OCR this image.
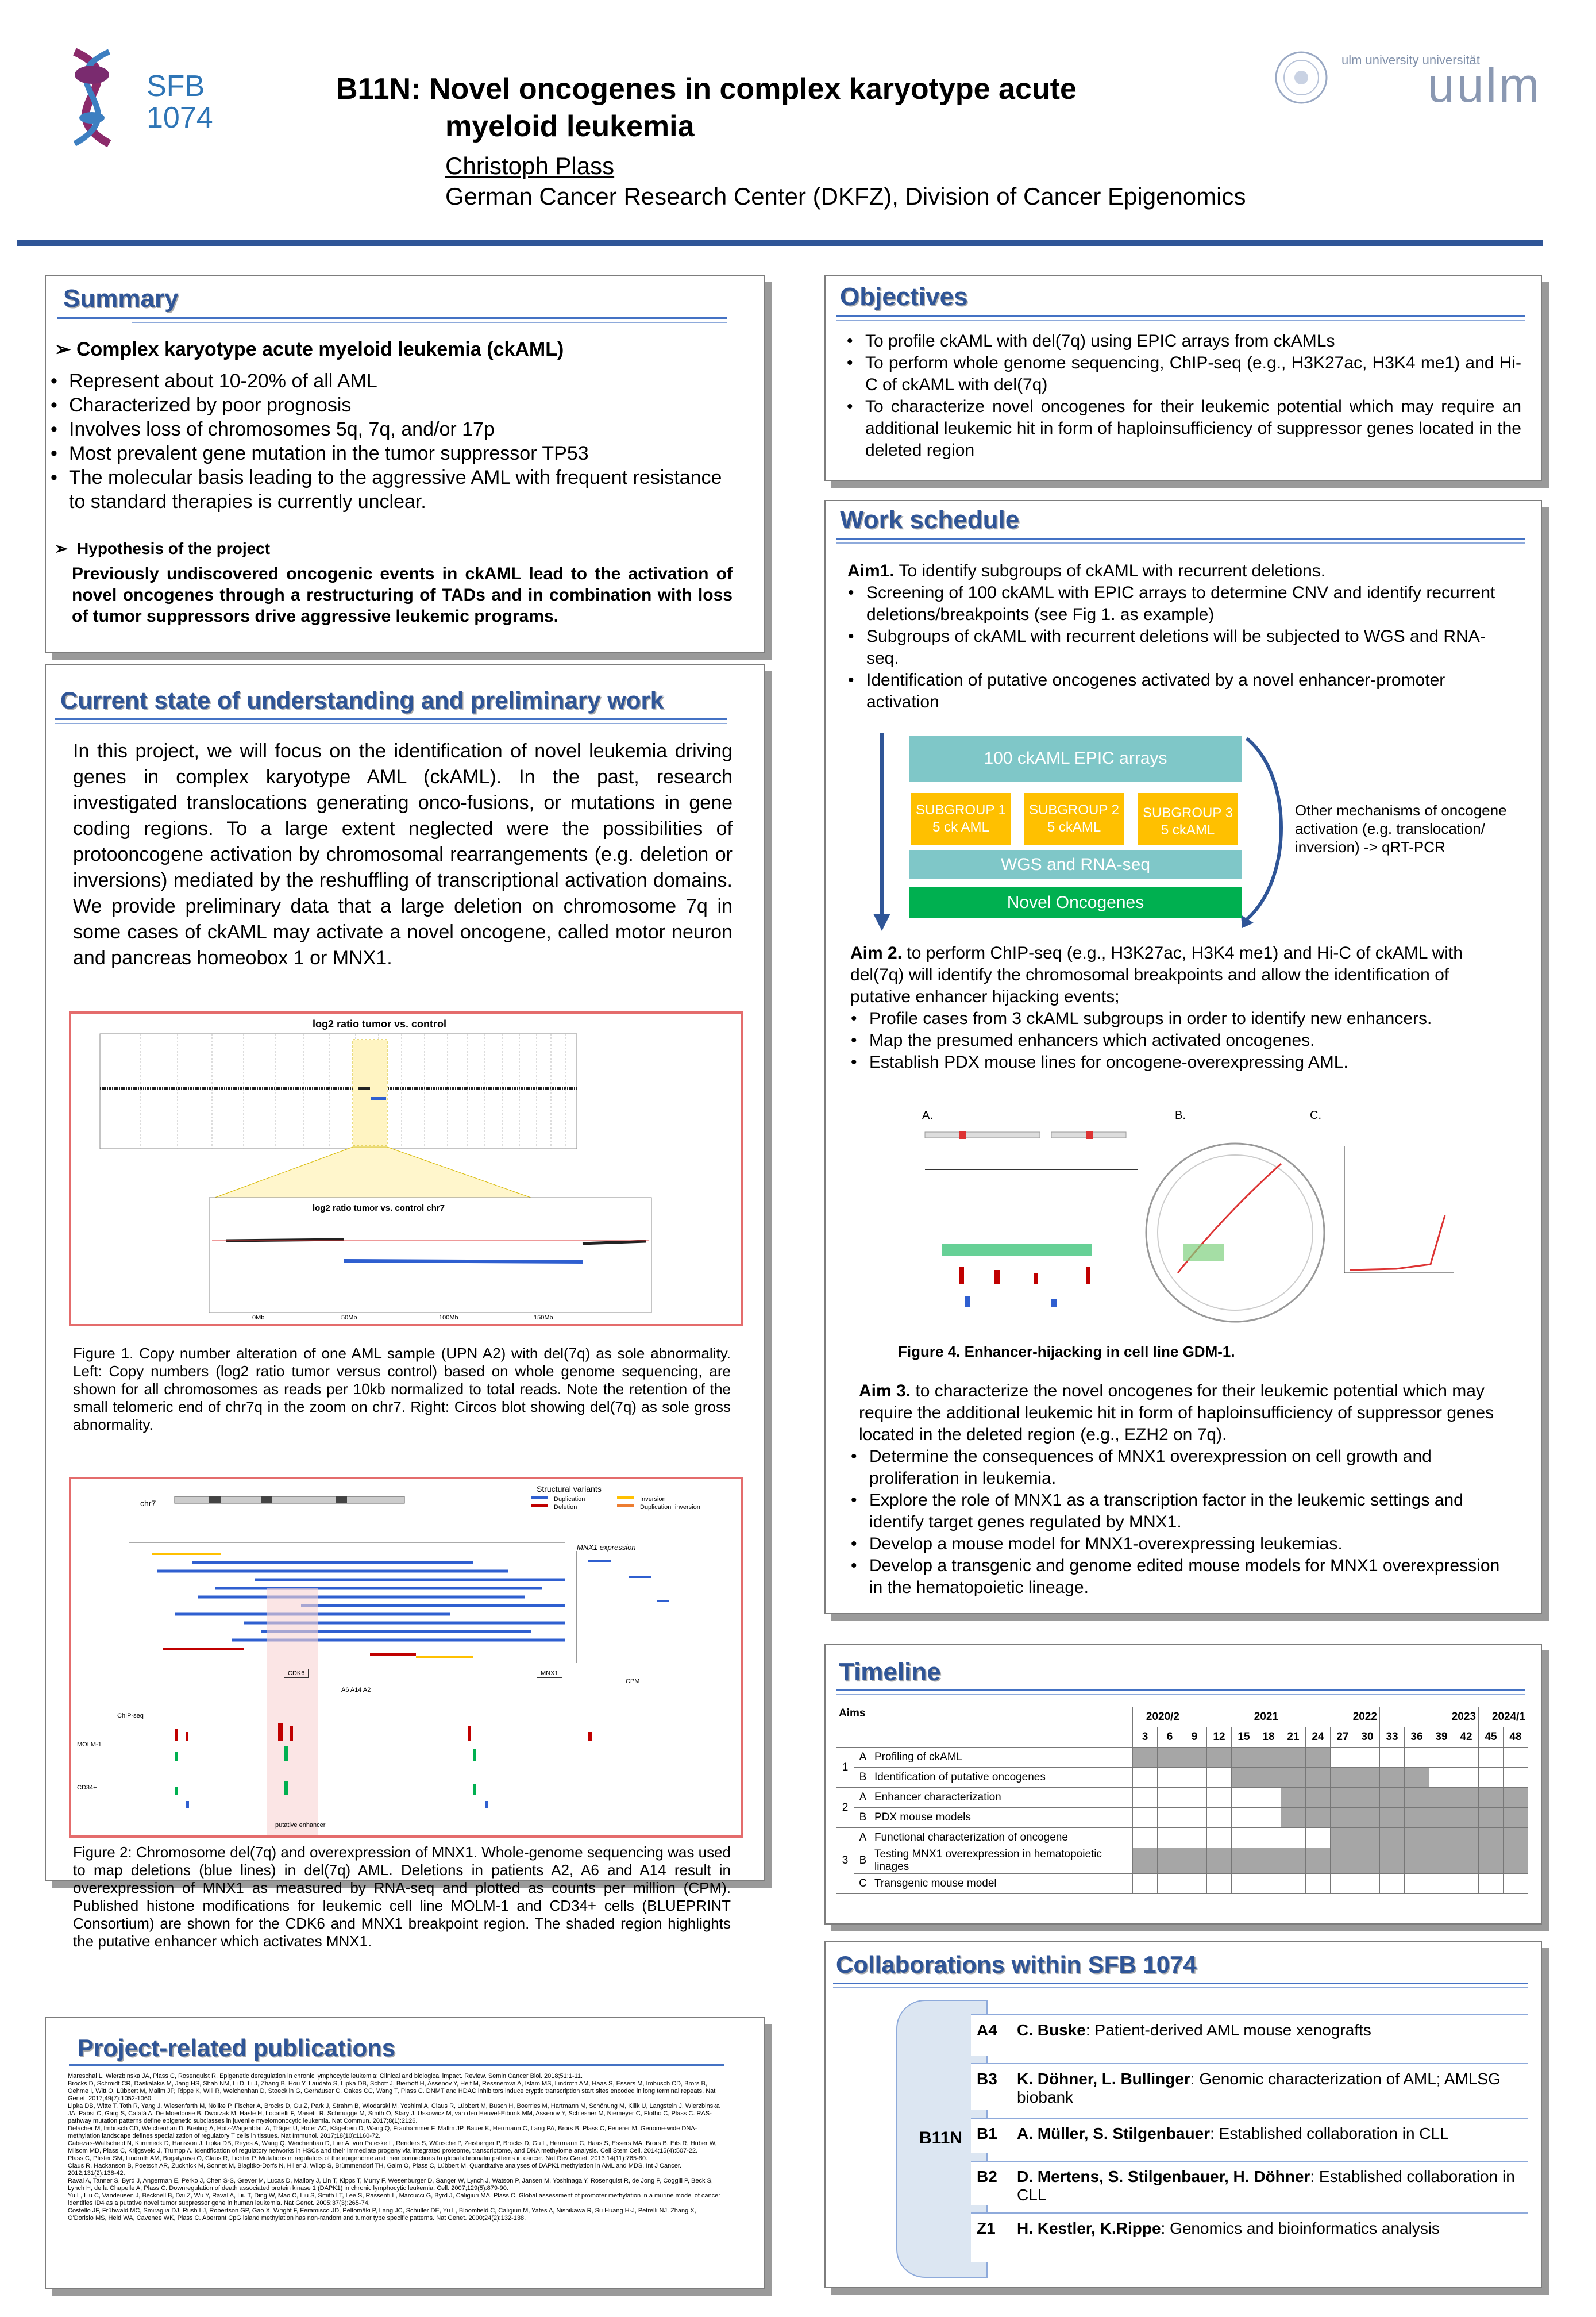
SFB
1074
B11N: Novel oncogenes in complex karyotype acute
myeloid leukemia
Christoph Plass
German Cancer Research Center (DKFZ), Division of Cancer Epigenomics
ulm university universität
uulm
Summary
➢ Complex karyotype acute myeloid leukemia (ckAML)
• Represent about 10-20% of all AML
• Characterized by poor prognosis
• Involves loss of chromosomes 5q, 7q, and/or 17p
• Most prevalent gene mutation in the tumor suppressor TP53
• The molecular basis leading to the aggressive AML with frequent resistance to standard therapies is currently unclear.
➢  Hypothesis of the project
Previously undiscovered oncogenic events in ckAML lead to the activation of novel oncogenes through a restructuring of TADs and in combination with loss of tumor suppressors drive aggressive leukemic programs.
Current state of understanding and preliminary work
In this project, we will focus on the identification of novel leukemia driving genes in complex karyotype AML (ckAML). In the past, research investigated translocations generating onco-fusions, or mutations in gene coding regions. To a large extent neglected were the possibilities of protooncogene activation by chromosomal rearrangements (e.g. deletion or inversions) mediated by the reshuffling of transcriptional activation domains. We provide preliminary data that a large deletion on chromosome 7q in some cases of ckAML may activate a novel oncogene, called motor neuron and pancreas homeobox 1 or MNX1.
log2 ratio tumor vs. control
log2 ratio tumor vs. control chr7
0Mb	50Mb	100Mb	150Mb
Figure 1. Copy number alteration of one AML sample (UPN A2) with del(7q) as sole abnormality. Left: Copy numbers (log2 ratio tumor versus control) based on whole genome sequencing, are shown for all chromosomes as reads per 10kb normalized to total reads. Note the retention of the small telomeric end of chr7q in the zoom on chr7. Right: Circos blot showing del(7q) as sole gross abnormality.
chr7
Structural variants
Duplication
Deletion
Inversion
Duplication+inversion
MNX1 expression
CPM
CDK6	MNX1
A6 A14 A2
ChIP-seq
MOLM-1
CD34+
putative enhancer
Figure 2: Chromosome del(7q) and overexpression of MNX1. Whole-genome sequencing was used to map deletions (blue lines) in del(7q) AML. Deletions in patients A2, A6 and A14 result in overexpression of MNX1 as measured by RNA-seq and plotted as counts per million (CPM). Published histone modifications for leukemic cell line MOLM-1 and CD34+ cells (BLUEPRINT Consortium) are shown for the CDK6 and MNX1 breakpoint region. The shaded region highlights the putative enhancer which activates MNX1.
Project-related publications
Mareschal L, Wierzbinska JA, Plass C, Rosenquist R. Epigenetic deregulation in chronic lymphocytic leukemia: Clinical and biological impact. Review. Semin Cancer Biol. 2018;51:1-11.
Brocks D, Schmidt CR, Daskalakis M, Jang HS, Shah NM, Li D, Li J, Zhang B, Hou Y, Laudato S, Lipka DB, Schott J, Bierhoff H, Assenov Y, Helf M, Ressnerova A, Islam MS, Lindroth AM, Haas S, Essers M, Imbusch CD, Brors B, Oehme I, Witt O, Lübbert M, Mallm JP, Rippe K, Will R, Weichenhan D, Stoecklin G, Gerhäuser C, Oakes CC, Wang T, Plass C. DNMT and HDAC inhibitors induce cryptic transcription start sites encoded in long terminal repeats. Nat Genet. 2017;49(7):1052-1060.
Lipka DB, Witte T, Toth R, Yang J, Wiesenfarth M, Nöllke P, Fischer A, Brocks D, Gu Z, Park J, Strahm B, Wlodarski M, Yoshimi A, Claus R, Lübbert M, Busch H, Boerries M, Hartmann M, Schönung M, Kilik U, Langstein J, Wierzbinska JA, Pabst C, Garg S, Catalá A, De Moerloose B, Dworzak M, Hasle H, Locatelli F, Masetti R, Schmugge M, Smith O, Stary J, Ussowicz M, van den Heuvel-Eibrink MM, Assenov Y, Schlesner M, Niemeyer C, Flotho C, Plass C. RAS-pathway mutation patterns define epigenetic subclasses in juvenile myelomonocytic leukemia. Nat Commun. 2017;8(1):2126.
Delacher M, Imbusch CD, Weichenhan D, Breiling A, Hotz-Wagenblatt A, Träger U, Hofer AC, Kägebein D, Wang Q, Frauhammer F, Mallm JP, Bauer K, Herrmann C, Lang PA, Brors B, Plass C, Feuerer M. Genome-wide DNA-methylation landscape defines specialization of regulatory T cells in tissues. Nat Immunol. 2017;18(10):1160-72.
Cabezas-Wallscheid N, Klimmeck D, Hansson J, Lipka DB, Reyes A, Wang Q, Weichenhan D, Lier A, von Paleske L, Renders S, Wünsche P, Zeisberger P, Brocks D, Gu L, Herrmann C, Haas S, Essers MA, Brors B, Eils R, Huber W, Milsom MD, Plass C, Krijgsveld J, Trumpp A. Identification of regulatory networks in HSCs and their immediate progeny via integrated proteome, transcriptome, and DNA methylome analysis. Cell Stem Cell. 2014;15(4):507-22.
Plass C, Pfister SM, Lindroth AM, Bogatyrova O, Claus R, Lichter P. Mutations in regulators of the epigenome and their connections to global chromatin patterns in cancer. Nat Rev Genet. 2013;14(11):765-80.
Claus R, Hackanson B, Poetsch AR, Zucknick M, Sonnet M, Blagitko-Dorfs N, Hiller J, Wilop S, Brümmendorf TH, Galm O, Plass C, Lübbert M. Quantitative analyses of DAPK1 methylation in AML and MDS. Int J Cancer. 2012;131(2):138-42.
Raval A, Tanner S, Byrd J, Angerman E, Perko J, Chen S-S, Grever M, Lucas D, Mallory J, Lin T, Kipps T, Murry F, Wesenburger D, Sanger W, Lynch J, Watson P, Jansen M, Yoshinaga Y, Rosenquist R, de Jong P, Coggill P, Beck S, Lynch H, de la Chapelle A, Plass C. Downregulation of death associated protein kinase 1 (DAPK1) in chronic lymphocytic leukemia. Cell. 2007;129(5):879-90.
Yu L, Liu C, Vandeusen J, Becknell B, Dai Z, Wu Y, Raval A, Liu T, Ding W, Mao C, Liu S, Smith LT, Lee S, Rassenti L, Marcucci G, Byrd J, Caligiuri MA, Plass C. Global assessment of promoter methylation in a murine model of cancer identifies ID4 as a putative novel tumor suppressor gene in human leukemia. Nat Genet. 2005;37(3):265-74.
Costello JF, Frühwald MC, Smiraglia DJ, Rush LJ, Robertson GP, Gao X, Wright F, Feramisco JD, Peltomäki P, Lang JC, Schuller DE, Yu L, Bloomfield C, Caligiuri M, Yates A, Nishikawa R, Su Huang H-J, Petrelli NJ, Zhang X, O'Dorisio MS, Held WA, Cavenee WK, Plass C. Aberrant CpG island methylation has non-random and tumor type specific patterns. Nat Genet. 2000;24(2):132-138.
Objectives
• To profile ckAML with del(7q) using EPIC arrays from ckAMLs
• To perform whole genome sequencing, ChIP-seq (e.g., H3K27ac, H3K4 me1) and Hi-C of ckAML with del(7q)
• To characterize novel oncogenes for their leukemic potential which may require an additional leukemic hit in form of haploinsufficiency of suppressor genes located in the deleted region
Work schedule
Aim1. To identify subgroups of ckAML with recurrent deletions.
• Screening of 100 ckAML with EPIC arrays to determine CNV and identify recurrent deletions/breakpoints (see Fig 1. as example)
• Subgroups of ckAML with recurrent deletions will be subjected to WGS and RNA-seq.
• Identification of putative oncogenes activated by a novel enhancer-promoter activation
100 ckAML EPIC arrays
SUBGROUP 1 5 ck AML
SUBGROUP 2 5 ckAML
SUBGROUP 3 5 ckAML
WGS and RNA-seq
Novel Oncogenes
Other mechanisms of oncogene activation (e.g. translocation/ inversion) -> qRT-PCR
Aim 2. to perform ChIP-seq (e.g., H3K27ac, H3K4 me1) and Hi-C of ckAML with del(7q) will identify the chromosomal breakpoints and allow the identification of putative enhancer hijacking events;
• Profile cases from 3 ckAML subgroups in order to identify new enhancers.
• Map the presumed enhancers which activated oncogenes.
• Establish PDX mouse lines for oncogene-overexpressing AML.
A.	B.	C.
Figure 4. Enhancer-hijacking in cell line GDM-1.
Aim 3. to characterize the novel oncogenes for their leukemic potential which may require the additional leukemic hit in form of haploinsufficiency of suppressor genes located in the deleted region (e.g., EZH2 on 7q).
• Determine the consequences of MNX1 overexpression on cell growth and proliferation in leukemia.
• Explore the role of MNX1 as a transcription factor in the leukemic settings and identify target genes regulated by MNX1.
• Develop a mouse model for MNX1-overexpressing leukemias.
• Develop a transgenic and genome edited mouse models for MNX1 overexpression in the hematopoietic lineage.
Timeline
Aims			2020/2		2021				2022				2023				2024/1	
			3	6	9	12	15	18	21	24	27	30	33	36	39	42	45	48
1	A	Profiling of ckAML																
	B	Identification of putative oncogenes																
2	A	Enhancer characterization																
	B	PDX mouse models																
3	A	Functional characterization of oncogene																
	B	Testing MNX1 overexpression in hematopoietic linages																
	C	Transgenic mouse model																
Collaborations within SFB 1074
B11N
A4 C. Buske: Patient-derived AML mouse xenografts
B3 K. Döhner, L. Bullinger: Genomic characterization of AML; AMLSG biobank
B1 A. Müller, S. Stilgenbauer: Established collaboration in CLL
B2 D. Mertens, S. Stilgenbauer, H. Döhner: Established collaboration in CLL
Z1 H. Kestler, K.Rippe: Genomics and bioinformatics analysis
